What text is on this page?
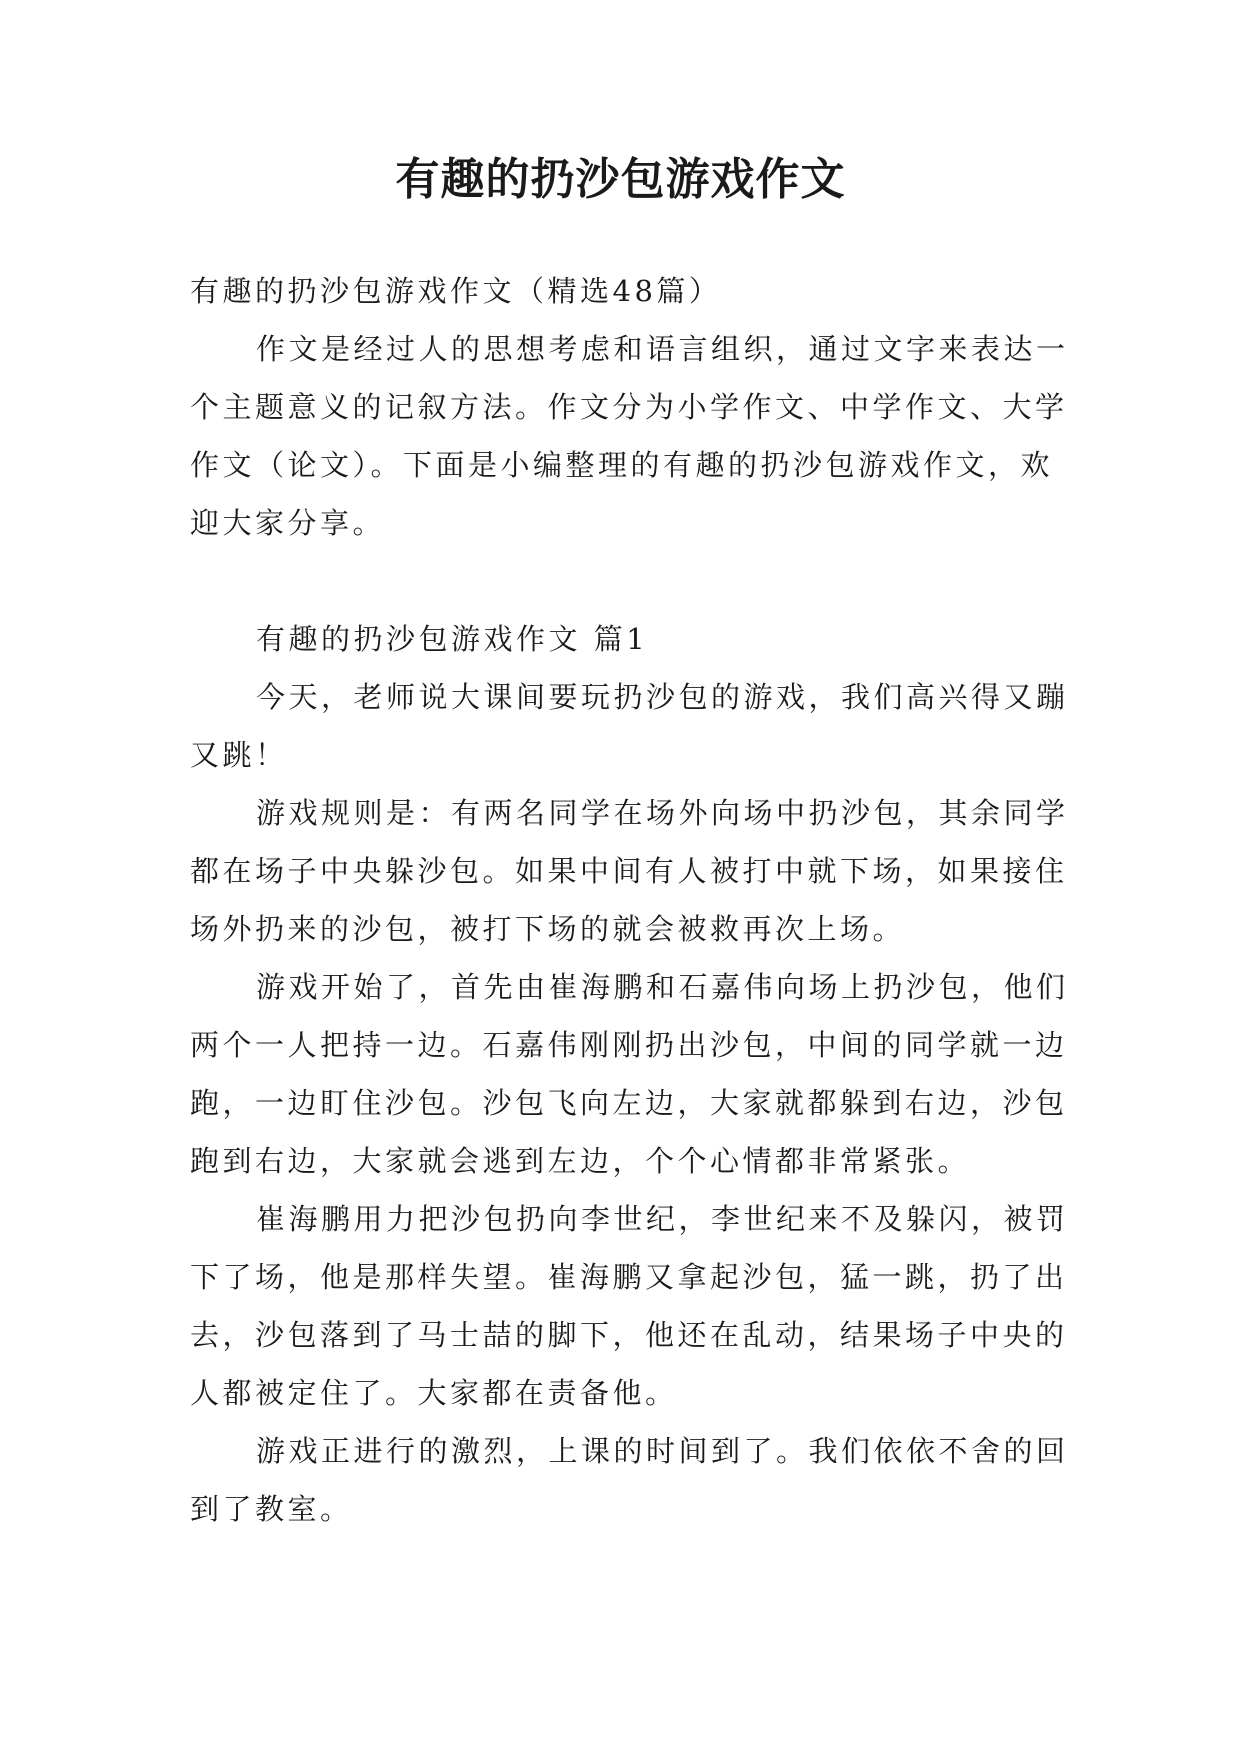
有趣的扔沙包游戏作文

有趣的扔沙包游戏作文（精选48篇）

作文是经过人的思想考虑和语言组织，通过文字来表达一个主题意义的记叙方法。作文分为小学作文、中学作文、大学作文（论文）。下面是小编整理的有趣的扔沙包游戏作文，欢迎大家分享。

有趣的扔沙包游戏作文 篇1

今天，老师说大课间要玩扔沙包的游戏，我们高兴得又蹦又跳！

游戏规则是：有两名同学在场外向场中扔沙包，其余同学都在场子中央躲沙包。如果中间有人被打中就下场，如果接住场外扔来的沙包，被打下场的就会被救再次上场。

游戏开始了，首先由崔海鹏和石嘉伟向场上扔沙包，他们两个一人把持一边。石嘉伟刚刚扔出沙包，中间的同学就一边跑，一边盯住沙包。沙包飞向左边，大家就都躲到右边，沙包跑到右边，大家就会逃到左边，个个心情都非常紧张。

崔海鹏用力把沙包扔向李世纪，李世纪来不及躲闪，被罚下了场，他是那样失望。崔海鹏又拿起沙包，猛一跳，扔了出去，沙包落到了马士喆的脚下，他还在乱动，结果场子中央的人都被定住了。大家都在责备他。

游戏正进行的激烈，上课的时间到了。我们依依不舍的回到了教室。
